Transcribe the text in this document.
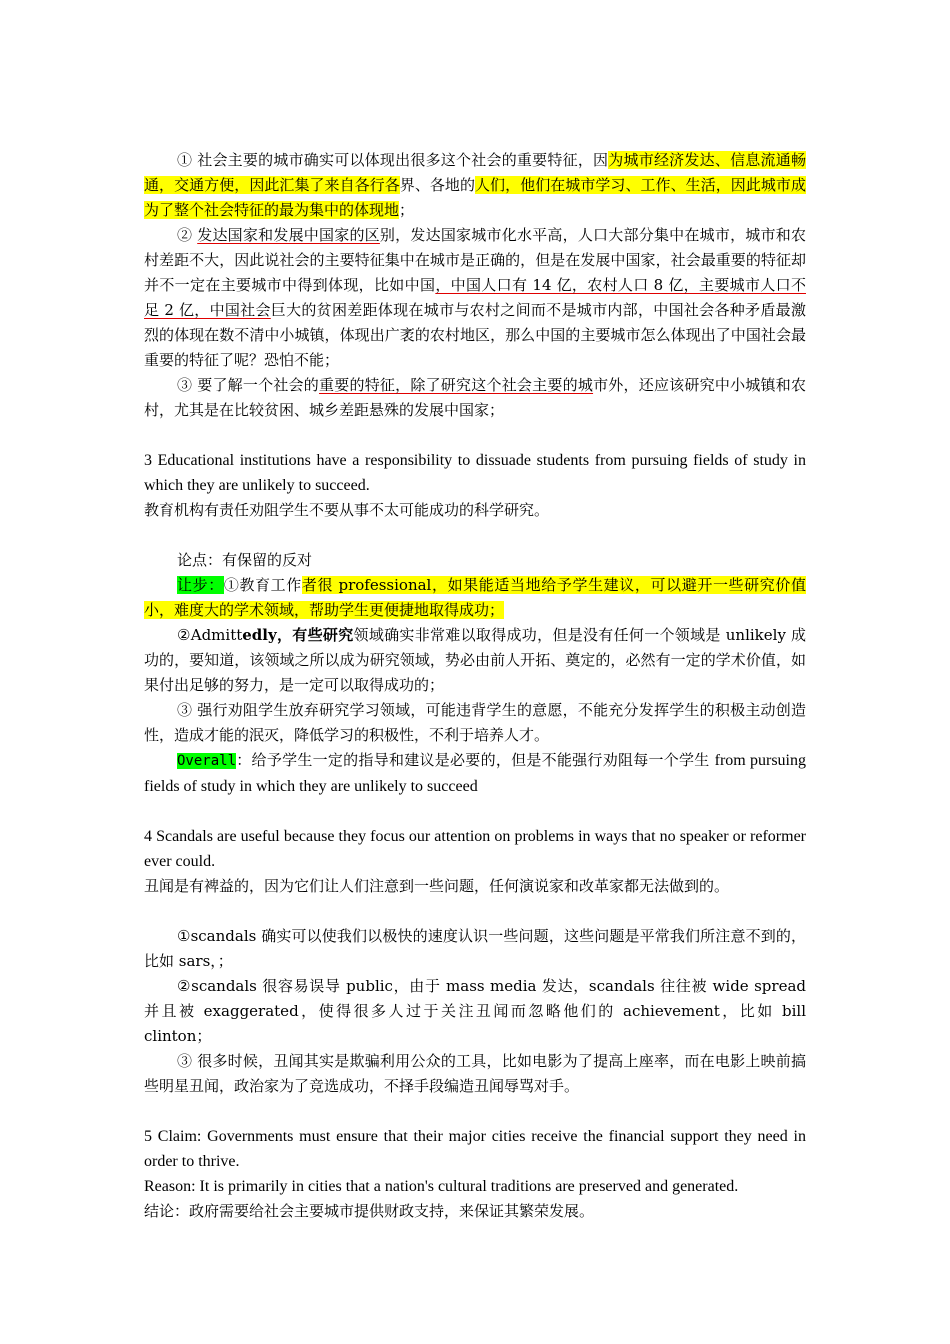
① 社会主要的城市确实可以体现出很多这个社会的重要特征，因为城市经济发达、信息流通畅通，交通方便，因此汇集了来自各行各界、各地的人们，他们在城市学习、工作、生活，因此城市成为了整个社会特征的最为集中的体现地；

② 发达国家和发展中国家的区别，发达国家城市化水平高，人口大部分集中在城市，城市和农村差距不大，因此说社会的主要特征集中在城市是正确的，但是在发展中国家，社会最重要的特征却并不一定在主要城市中得到体现，比如中国，中国人口有 14 亿，农村人口 8 亿，主要城市人口不足 2 亿，中国社会巨大的贫困差距体现在城市与农村之间而不是城市内部，中国社会各种矛盾最激烈的体现在数不清中小城镇，体现出广袤的农村地区，那么中国的主要城市怎么体现出了中国社会最重要的特征了呢？恐怕不能；

③ 要了解一个社会的重要的特征，除了研究这个社会主要的城市外，还应该研究中小城镇和农村，尤其是在比较贫困、城乡差距悬殊的发展中国家；

3 Educational institutions have a responsibility to dissuade students from pursuing fields of study in which they are unlikely to succeed.

教育机构有责任劝阻学生不要从事不太可能成功的科学研究。

论点：有保留的反对

让步：①教育工作者很 professional，如果能适当地给予学生建议，可以避开一些研究价值小，难度大的学术领域，帮助学生更便捷地取得成功；

②Admittedly，有些研究领域确实非常难以取得成功，但是没有任何一个领域是 unlikely 成功的，要知道，该领域之所以成为研究领域，势必由前人开拓、奠定的，必然有一定的学术价值，如果付出足够的努力，是一定可以取得成功的；

③ 强行劝阻学生放弃研究学习领域，可能违背学生的意愿，不能充分发挥学生的积极主动创造性，造成才能的泯灭，降低学习的积极性，不利于培养人才。

Overall：给予学生一定的指导和建议是必要的，但是不能强行劝阻每一个学生 from pursuing fields of study in which they are unlikely to succeed

4 Scandals are useful because they focus our attention on problems in ways that no speaker or reformer ever could.

丑闻是有裨益的，因为它们让人们注意到一些问题，任何演说家和改革家都无法做到的。

①scandals 确实可以使我们以极快的速度认识一些问题，这些问题是平常我们所注意不到的，比如 sars，；

②scandals 很容易误导 public，由于 mass media 发达，scandals 往往被 wide spread 并且被 exaggerated，使得很多人过于关注丑闻而忽略他们的 achievement，比如 bill clinton；

③ 很多时候，丑闻其实是欺骗利用公众的工具，比如电影为了提高上座率，而在电影上映前搞些明星丑闻，政治家为了竞选成功，不择手段编造丑闻辱骂对手。

5 Claim: Governments must ensure that their major cities receive the financial support they need in order to thrive.

Reason: It is primarily in cities that a nation's cultural traditions are preserved and generated.

结论：政府需要给社会主要城市提供财政支持，来保证其繁荣发展。
